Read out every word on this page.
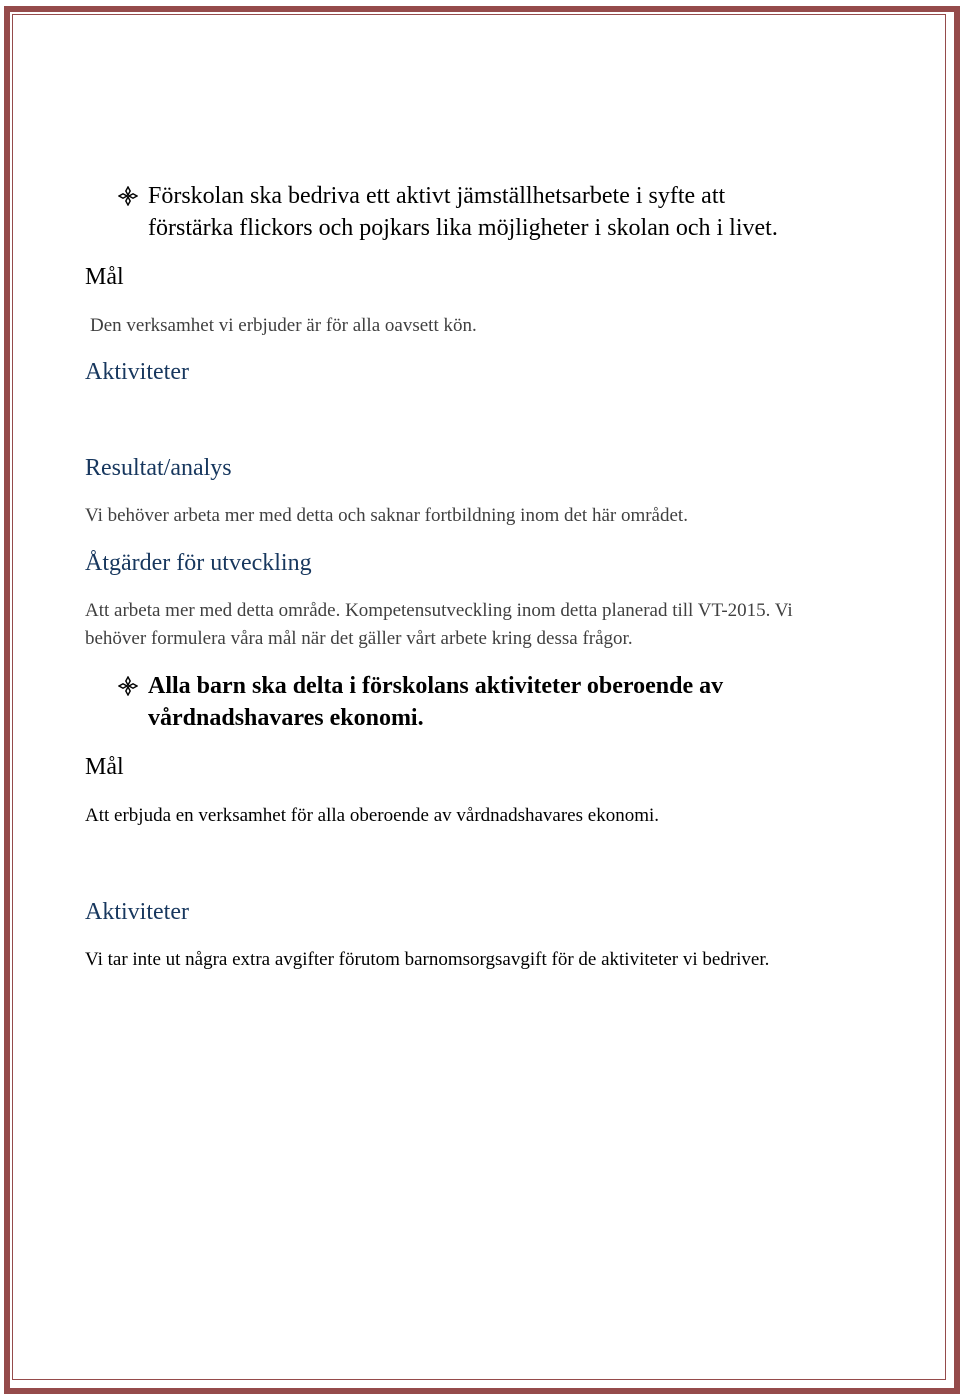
Förskolan ska bedriva ett aktivt jämställhetsarbete i syfte att
förstärka flickors och pojkars lika möjligheter i skolan och i livet.
Mål
Den verksamhet vi erbjuder är för alla oavsett kön.
Aktiviteter
Resultat/analys
Vi behöver arbeta mer med detta och saknar fortbildning inom det här området.
Åtgärder för utveckling
Att arbeta mer med detta område. Kompetensutveckling inom detta planerad till VT-2015. Vi
behöver formulera våra mål när det gäller vårt arbete kring dessa frågor.
Alla barn ska delta i förskolans aktiviteter oberoende av
vårdnadshavares ekonomi.
Mål
Att erbjuda en verksamhet för alla oberoende av vårdnadshavares ekonomi.
Aktiviteter
Vi tar inte ut några extra avgifter förutom barnomsorgsavgift för de aktiviteter vi bedriver.
